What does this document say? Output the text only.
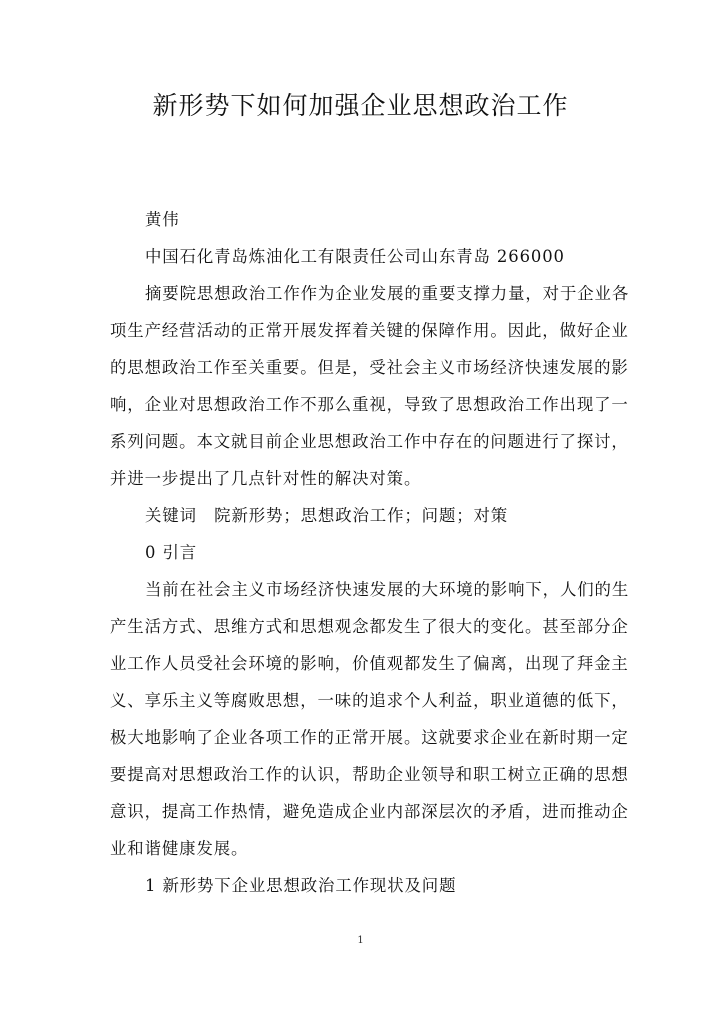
新形势下如何加强企业思想政治工作
黄伟
中国石化青岛炼油化工有限责任公司山东青岛 266000
摘要院思想政治工作作为企业发展的重要支撑力量，对于企业各
项生产经营活动的正常开展发挥着关键的保障作用。因此，做好企业
的思想政治工作至关重要。但是，受社会主义市场经济快速发展的影
响，企业对思想政治工作不那么重视，导致了思想政治工作出现了一
系列问题。本文就目前企业思想政治工作中存在的问题进行了探讨，
并进一步提出了几点针对性的解决对策。
关键词　院新形势；思想政治工作；问题；对策
0 引言
当前在社会主义市场经济快速发展的大环境的影响下，人们的生
产生活方式、思维方式和思想观念都发生了很大的变化。甚至部分企
业工作人员受社会环境的影响，价值观都发生了偏离，出现了拜金主
义、享乐主义等腐败思想，一味的追求个人利益，职业道德的低下，
极大地影响了企业各项工作的正常开展。这就要求企业在新时期一定
要提高对思想政治工作的认识，帮助企业领导和职工树立正确的思想
意识，提高工作热情，避免造成企业内部深层次的矛盾，进而推动企
业和谐健康发展。
1 新形势下企业思想政治工作现状及问题
1
